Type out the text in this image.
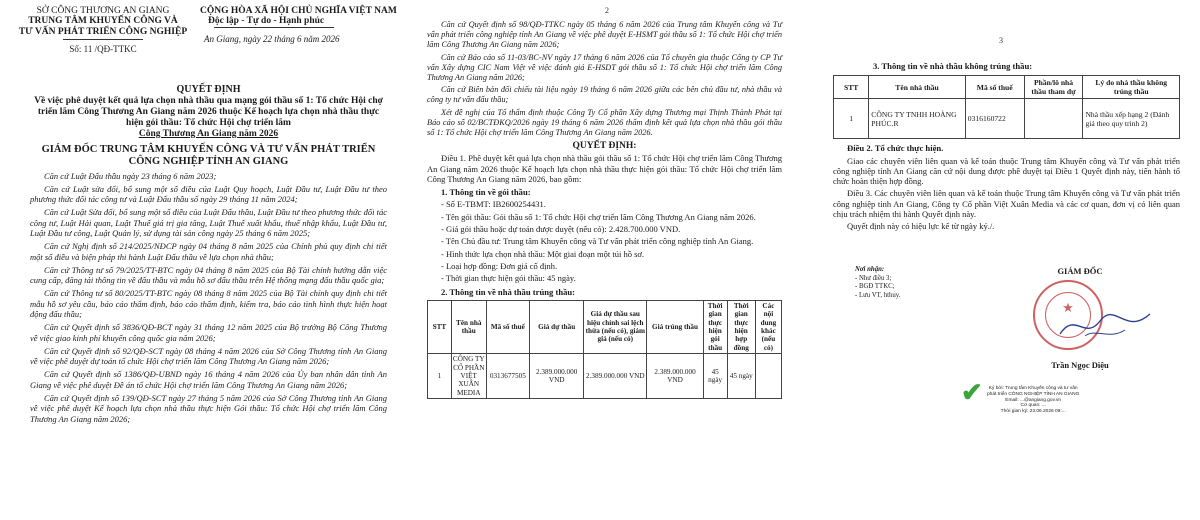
SỞ CÔNG THƯƠNG AN GIANG
TRUNG TÂM KHUYẾN CÔNG VÀ
TƯ VẤN PHÁT TRIỂN CÔNG NGHIỆP
Số: 11 /QĐ-TTKC
CỘNG HÒA XÃ HỘI CHỦ NGHĨA VIỆT NAM
Độc lập - Tự do - Hạnh phúc
An Giang, ngày 22 tháng 6 năm 2026
QUYẾT ĐỊNH
Về việc phê duyệt kết quả lựa chọn nhà thầu qua mạng gói thầu số 1: Tổ chức Hội chợ triển lãm Công Thương An Giang năm 2026 thuộc Kế hoạch lựa chọn nhà thầu thực hiện gói thầu: Tổ chức Hội chợ triển lãm
Công Thương An Giang năm 2026
GIÁM ĐỐC TRUNG TÂM KHUYẾN CÔNG VÀ TƯ VẤN PHÁT TRIỂN CÔNG NGHIỆP TỈNH AN GIANG

Căn cứ Luật Đấu thầu ngày 23 tháng 6 năm 2023;

Căn cứ Luật sửa đổi, bổ sung một số điều của Luật Quy hoạch, Luật Đầu tư, Luật Đầu tư theo phương thức đối tác công tư và Luật Đấu thầu số ngày 29 tháng 11 năm 2024;

Căn cứ Luật Sửa đổi, bổ sung một số điều của Luật Đấu thầu, Luật Đầu tư theo phương thức đối tác công tư, Luật Hải quan, Luật Thuế giá trị gia tăng, Luật Thuế xuất khẩu, thuế nhập khẩu, Luật Đầu tư, Luật Đầu tư công, Luật Quản lý, sử dụng tài sản công ngày 25 tháng 6 năm 2025;

Căn cứ Nghị định số 214/2025/NĐCP ngày 04 tháng 8 năm 2025 của Chính phủ quy định chi tiết một số điều và biện pháp thi hành Luật Đấu thầu về lựa chọn nhà thầu;

Căn cứ Thông tư số 79/2025/TT-BTC ngày 04 tháng 8 năm 2025 của Bộ Tài chính hướng dẫn việc cung cấp, đăng tải thông tin về đấu thầu và mẫu hồ sơ đấu thầu trên Hệ thống mạng đấu thầu quốc gia;

Căn cứ Thông tư số 80/2025/TT-BTC ngày 08 tháng 8 năm 2025 của Bộ Tài chính quy định chi tiết mẫu hồ sơ yêu cầu, báo cáo thẩm định, báo cáo thẩm định, kiểm tra, báo cáo tình hình thực hiện hoạt động đấu thầu;

Căn cứ Quyết định số 3836/QĐ-BCT ngày 31 tháng 12 năm 2025 của Bộ trưởng Bộ Công Thương về việc giao kinh phí khuyến công quốc gia năm 2026;

Căn cứ Quyết định số 92/QĐ-SCT ngày 08 tháng 4 năm 2026 của Sở Công Thương tỉnh An Giang về việc phê duyệt dự toán tổ chức Hội chợ triển lãm Công Thương An Giang năm 2026;

Căn cứ Quyết định số 1386/QĐ-UBND ngày 16 tháng 4 năm 2026 của Ủy ban nhân dân tỉnh An Giang về việc phê duyệt Đề án tổ chức Hội chợ triển lãm Công Thương An Giang năm 2026;

Căn cứ Quyết định số 139/QĐ-SCT ngày 27 tháng 5 năm 2026 của Sở Công Thương tỉnh An Giang về việc phê duyệt Kế hoạch lựa chọn nhà thầu thực hiện Gói thầu: Tổ chức Hội chợ triển lãm Công Thương An Giang năm 2026;

2

Căn cứ Quyết định số 98/QĐ-TTKC ngày 05 tháng 6 năm 2026 của Trung tâm Khuyến công và Tư vấn phát triển công nghiệp tỉnh An Giang về việc phê duyệt E-HSMT gói thầu số 1: Tổ chức Hội chợ triển lãm Công Thương An Giang năm 2026;

Căn cứ Báo cáo số 11-03/BC-NV ngày 17 tháng 6 năm 2026 của Tổ chuyên gia thuộc Công ty CP Tư vấn Xây dựng CIC Nam Việt về việc đánh giá E-HSDT gói thầu số 1: Tổ chức Hội chợ triển lãm Công Thương An Giang năm 2026;

Căn cứ Biên bản đối chiếu tài liệu ngày 19 tháng 6 năm 2026 giữa các bên chủ đầu tư, nhà thầu và công ty tư vấn đấu thầu;

Xét đề nghị của Tổ thẩm định thuộc Công Ty Cổ phần Xây dựng Thương mại Thịnh Thành Phát tại Báo cáo số 02/BCTĐKQ/2026 ngày 19 tháng 6 năm 2026 thẩm định kết quả lựa chọn nhà thầu gói thầu số 1: Tổ chức Hội chợ triển lãm Công Thương An Giang năm 2026.

QUYẾT ĐỊNH:

Điều 1. Phê duyệt kết quả lựa chọn nhà thầu gói thầu số 1: Tổ chức Hội chợ triển lãm Công Thương An Giang năm 2026 thuộc Kế hoạch lựa chọn nhà thầu thực hiện gói thầu: Tổ chức Hội chợ triển lãm Công Thương An Giang năm 2026, bao gồm:

1. Thông tin về gói thầu:

- Số E-TBMT: IB2600254431.

- Tên gói thầu: Gói thầu số 1: Tổ chức Hội chợ triển lãm Công Thương An Giang năm 2026.

- Giá gói thầu hoặc dự toán được duyệt (nếu có): 2.428.700.000 VND.

- Tên Chủ đầu tư: Trung tâm Khuyến công và Tư vấn phát triển công nghiệp tỉnh An Giang.

- Hình thức lựa chọn nhà thầu: Một giai đoạn một túi hồ sơ.

- Loại hợp đồng: Đơn giá cố định.

- Thời gian thực hiện gói thầu: 45 ngày.

2. Thông tin về nhà thầu trúng thầu:

STT	Tên nhà thầu	Mã số thuế	Giá dự thầu	Giá dự thầu sau hiệu chỉnh sai lệch thừa (nếu có), giảm giá (nếu có)	Giá trúng thầu	Thời gian thực hiện gói thầu	Thời gian thực hiện hợp đồng	Các nội dung khác (nếu có)
1	CÔNG TY CỔ PHẦN VIỆT XUÂN MEDIA	0313677505	2.389.000.000 VND	2.389.000.000 VND	2.389.000.000 VND	45 ngày	45 ngày	
3

3. Thông tin về nhà thầu không trúng thầu:

STT	Tên nhà thầu	Mã số thuế	Phần/lô nhà thầu tham dự	Lý do nhà thầu không trúng thầu
1	CÔNG TY TNHH HOÀNG PHÚC.R	0316160722		Nhà thầu xếp hạng 2 (Đánh giá theo quy trình 2)

Điều 2. Tổ chức thực hiện.

Giao các chuyên viên liên quan và kế toán thuộc Trung tâm Khuyến công và Tư vấn phát triển công nghiệp tỉnh An Giang căn cứ nội dung được phê duyệt tại Điều 1 Quyết định này, tiến hành tổ chức hoàn thiện hợp đồng.

Điều 3. Các chuyên viên liên quan và kế toán thuộc Trung tâm Khuyến công và Tư vấn phát triển công nghiệp tỉnh An Giang, Công ty Cổ phần Việt Xuân Media và các cơ quan, đơn vị có liên quan chịu trách nhiệm thi hành Quyết định này.

Quyết định này có hiệu lực kể từ ngày ký./.

Nơi nhận:
- Như điều 3;
- BGĐ TTKC;
- Lưu VT, hthuy.
GIÁM ĐỐC
★
Trần Ngọc Diệu
✔	Ký bởi: Trung tâm Khuyến công và tư vấn
phát triển CÔNG NGHIỆP TỈNH AN GIANG
Email: ...@angiang.gov.vn
Cơ quan: ...
Thời gian ký: 23.06.2026 09:...
